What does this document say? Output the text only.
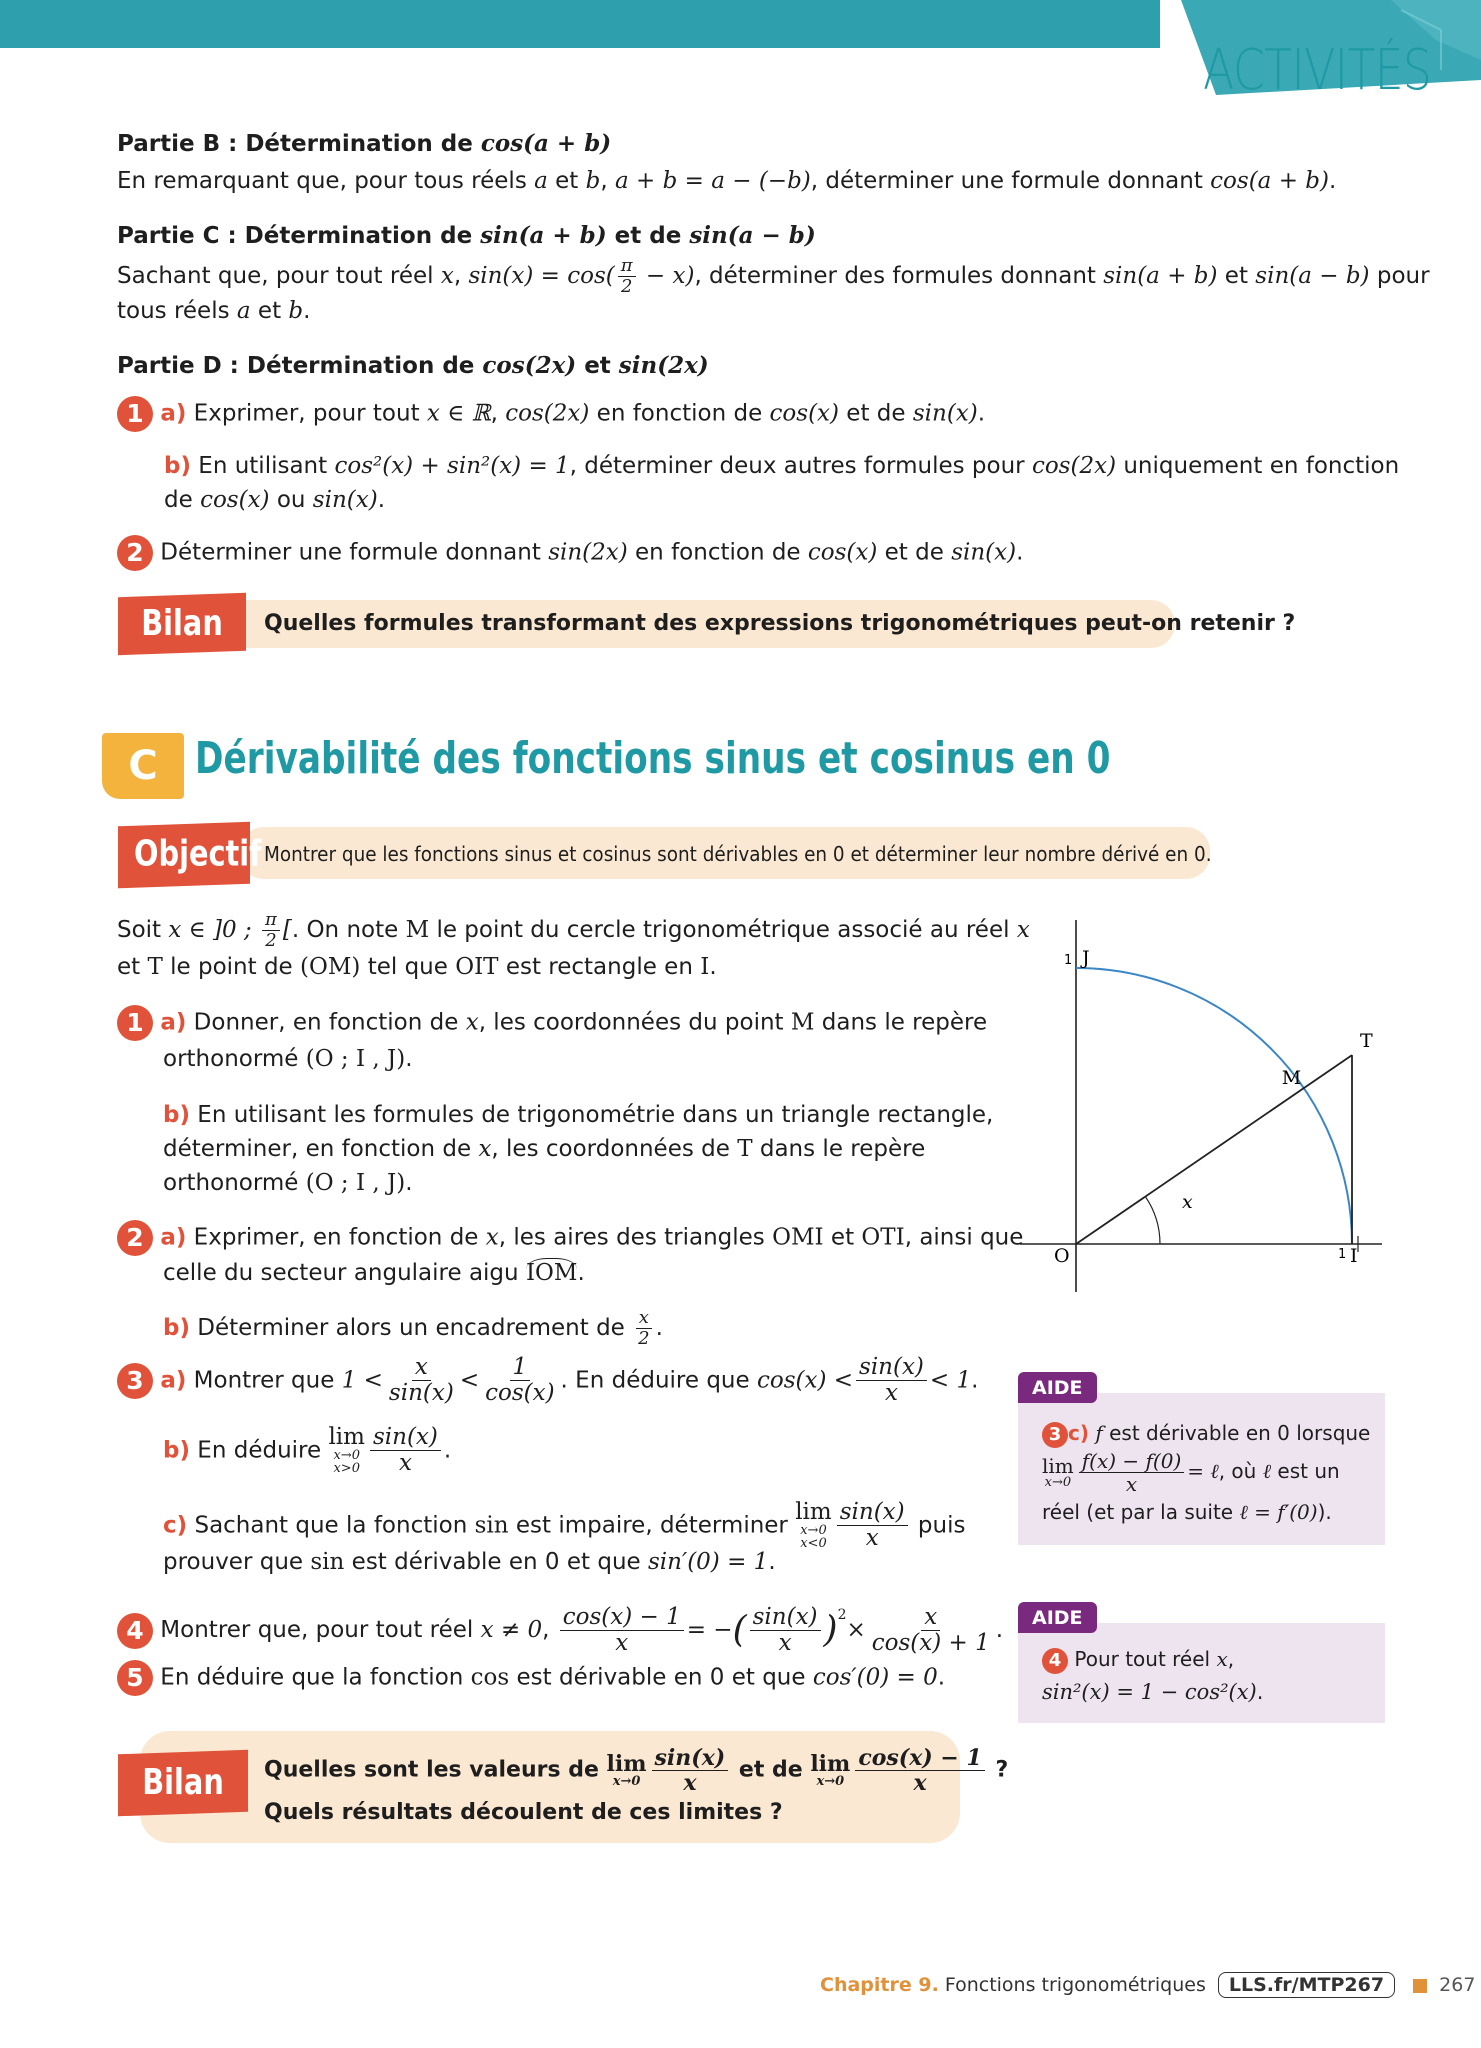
ACTIVITÉS
Partie B : Détermination de cos(a + b)
En remarquant que, pour tous réels a et b, a + b = a − (−b), déterminer une formule donnant cos(a + b).
Partie C : Détermination de sin(a + b) et de sin(a − b)
Sachant que, pour tout réel x, $\sin(x) = \cos( \frac{\pi}{2} - x)$, déterminer des formules donnant sin(a + b) et sin(a − b) pour
tous réels a et b.
Partie D : Détermination de cos(2x) et sin(2x)
1 a) Exprimer, pour tout x ∈ ℝ, cos(2x) en fonction de cos(x) et de sin(x).
b) En utilisant cos²(x) + sin²(x) = 1, déterminer deux autres formules pour cos(2x) uniquement en fonction
de cos(x) ou sin(x).
2 Déterminer une formule donnant sin(2x) en fonction de cos(x) et de sin(x).
Bilan	Quelles formules transformant des expressions trigonométriques peut-on retenir ?
C Dérivabilité des fonctions sinus et cosinus en 0
Objectif Montrer que les fonctions sinus et cosinus sont dérivables en 0 et déterminer leur nombre dérivé en 0.
Soit x ∈ ]0 ; $\frac{\pi}{2}$ [. On note M le point du cercle trigonométrique associé au réel x
et T le point de (OM) tel que OIT est rectangle en I.
1 a) Donner, en fonction de x, les coordonnées du point M dans le repère
orthonormé (O ; I , J).
b) En utilisant les formules de trigonométrie dans un triangle rectangle,
déterminer, en fonction de x, les coordonnées de T dans le repère
orthonormé (O ; I , J).
2 a) Exprimer, en fonction de x, les aires des triangles OMI et OTI, ainsi que
celle du secteur angulaire aigu IOM.
b) Déterminer alors un encadrement de $\frac{x}{2}$ .
3 a) Montrer que $1 < \frac{x}{\sin(x)} < \frac{1}{\cos(x)}$ . En déduire que $\cos(x) < \frac{\sin(x)}{x} < 1$.
b) En déduire lim
x→0
$x>0 \frac{\sin(x)}{x}$ .
c) Sachant que la fonction sin est impaire, déterminer lim
x→0
$x<0 \frac{\sin(x)}{x}$ puis
prouver que sin est dérivable en 0 et que sin′(0) = 1.
4 Montrer que, pour tout réel x ≠ 0, $\frac{\cos(x) - 1}{x}$ = −( $\frac{\sin(x)}{x} )^2\times \frac{x}{\cos(x) + 1}$ .
5 En déduire que la fonction cos est dérivable en 0 et que cos′(0) = 0.
O	I
1
J
1
M
T
x
AIDE
3 c) f est dérivable en 0 lorsque
lim
$x\to 0 \frac{f(x) - f(0)}{x}$ = ℓ, où ℓ est un
réel (et par la suite ℓ = f′(0)).
AIDE
4 Pour tout réel x,
sin²(x) = 1 − cos²(x).
Bilan	Quelles sont les valeurs de lim
$x\to 0 \frac{\sin(x)}{x}$ et de lim
$x\to 0 \frac{\cos(x) - 1}{x}$ ?
Quels résultats découlent de ces limites ?
Chapitre 9. Fonctions trigonométriques LLS.fr/MTP267	267
